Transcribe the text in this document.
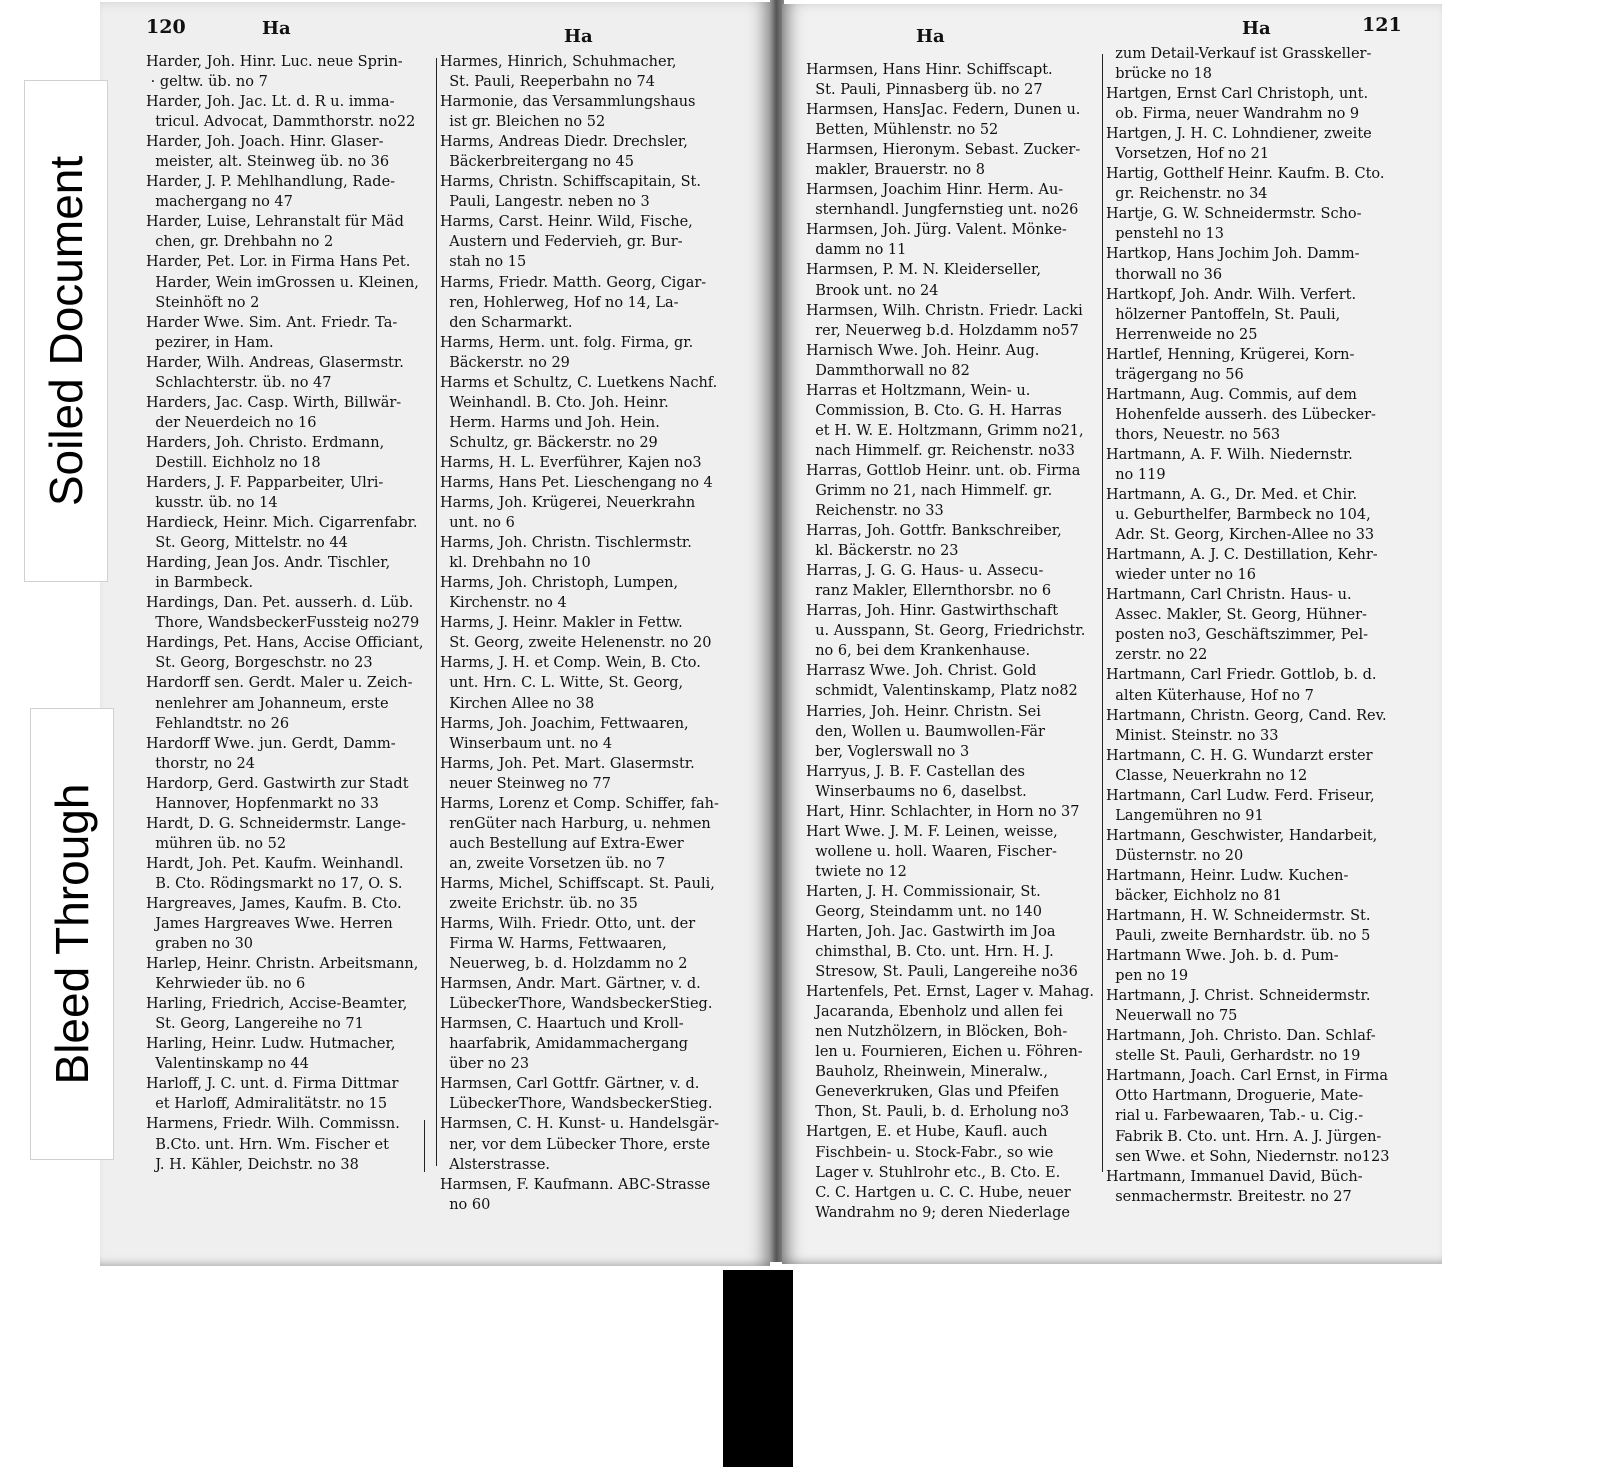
Soiled Document
Bleed Through
120	Ha	Ha	Ha	Ha	121
Harder, Joh. Hinr. Luc. neue Sprin-
· geltw. üb. no 7
Harder, Joh. Jac. Lt. d. R u. imma-
tricul. Advocat, Dammthorstr. no22
Harder, Joh. Joach. Hinr. Glaser-
meister, alt. Steinweg üb. no 36
Harder, J. P. Mehlhandlung, Rade-
machergang no 47
Harder, Luise, Lehranstalt für Mäd
chen, gr. Drehbahn no 2
Harder, Pet. Lor. in Firma Hans Pet.
Harder, Wein imGrossen u. Kleinen,
Steinhöft no 2
Harder Wwe. Sim. Ant. Friedr. Ta-
pezirer, in Ham.
Harder, Wilh. Andreas, Glasermstr.
Schlachterstr. üb. no 47
Harders, Jac. Casp. Wirth, Billwär-
der Neuerdeich no 16
Harders, Joh. Christo. Erdmann,
Destill. Eichholz no 18
Harders, J. F. Papparbeiter, Ulri-
kusstr. üb. no 14
Hardieck, Heinr. Mich. Cigarrenfabr.
St. Georg, Mittelstr. no 44
Harding, Jean Jos. Andr. Tischler,
in Barmbeck.
Hardings, Dan. Pet. ausserh. d. Lüb.
Thore, WandsbeckerFussteig no279
Hardings, Pet. Hans, Accise Officiant,
St. Georg, Borgeschstr. no 23
Hardorff sen. Gerdt. Maler u. Zeich-
nenlehrer am Johanneum, erste
Fehlandtstr. no 26
Hardorff Wwe. jun. Gerdt, Damm-
thorstr, no 24
Hardorp, Gerd. Gastwirth zur Stadt
Hannover, Hopfenmarkt no 33
Hardt, D. G. Schneidermstr. Lange-
mühren üb. no 52
Hardt, Joh. Pet. Kaufm. Weinhandl.
B. Cto. Rödingsmarkt no 17, O. S.
Hargreaves, James, Kaufm. B. Cto.
James Hargreaves Wwe. Herren
graben no 30
Harlep, Heinr. Christn. Arbeitsmann,
Kehrwieder üb. no 6
Harling, Friedrich, Accise-Beamter,
St. Georg, Langereihe no 71
Harling, Heinr. Ludw. Hutmacher,
Valentinskamp no 44
Harloff, J. C. unt. d. Firma Dittmar
et Harloff, Admiralitätstr. no 15
Harmens, Friedr. Wilh. Commissn.
B.Cto. unt. Hrn. Wm. Fischer et
J. H. Kähler, Deichstr. no 38
Harmes, Hinrich, Schuhmacher,
St. Pauli, Reeperbahn no 74
Harmonie, das Versammlungshaus
ist gr. Bleichen no 52
Harms, Andreas Diedr. Drechsler,
Bäckerbreitergang no 45
Harms, Christn. Schiffscapitain, St.
Pauli, Langestr. neben no 3
Harms, Carst. Heinr. Wild, Fische,
Austern und Federvieh, gr. Bur-
stah no 15
Harms, Friedr. Matth. Georg, Cigar-
ren, Hohlerweg, Hof no 14, La-
den Scharmarkt.
Harms, Herm. unt. folg. Firma, gr.
Bäckerstr. no 29
Harms et Schultz, C. Luetkens Nachf.
Weinhandl. B. Cto. Joh. Heinr.
Herm. Harms und Joh. Hein.
Schultz, gr. Bäckerstr. no 29
Harms, H. L. Everführer, Kajen no3
Harms, Hans Pet. Lieschengang no 4
Harms, Joh. Krügerei, Neuerkrahn
unt. no 6
Harms, Joh. Christn. Tischlermstr.
kl. Drehbahn no 10
Harms, Joh. Christoph, Lumpen,
Kirchenstr. no 4
Harms, J. Heinr. Makler in Fettw.
St. Georg, zweite Helenenstr. no 20
Harms, J. H. et Comp. Wein, B. Cto.
unt. Hrn. C. L. Witte, St. Georg,
Kirchen Allee no 38
Harms, Joh. Joachim, Fettwaaren,
Winserbaum unt. no 4
Harms, Joh. Pet. Mart. Glasermstr.
neuer Steinweg no 77
Harms, Lorenz et Comp. Schiffer, fah-
renGüter nach Harburg, u. nehmen
auch Bestellung auf Extra-Ewer
an, zweite Vorsetzen üb. no 7
Harms, Michel, Schiffscapt. St. Pauli,
zweite Erichstr. üb. no 35
Harms, Wilh. Friedr. Otto, unt. der
Firma W. Harms, Fettwaaren,
Neuerweg, b. d. Holzdamm no 2
Harmsen, Andr. Mart. Gärtner, v. d.
LübeckerThore, WandsbeckerStieg.
Harmsen, C. Haartuch und Kroll-
haarfabrik, Amidammachergang
über no 23
Harmsen, Carl Gottfr. Gärtner, v. d.
LübeckerThore, WandsbeckerStieg.
Harmsen, C. H. Kunst- u. Handelsgär-
ner, vor dem Lübecker Thore, erste
Alsterstrasse.
Harmsen, F. Kaufmann. ABC-Strasse
no 60
Harmsen, Hans Hinr. Schiffscapt.
St. Pauli, Pinnasberg üb. no 27
Harmsen, HansJac. Federn, Dunen u.
Betten, Mühlenstr. no 52
Harmsen, Hieronym. Sebast. Zucker-
makler, Brauerstr. no 8
Harmsen, Joachim Hinr. Herm. Au-
sternhandl. Jungfernstieg unt. no26
Harmsen, Joh. Jürg. Valent. Mönke-
damm no 11
Harmsen, P. M. N. Kleiderseller,
Brook unt. no 24
Harmsen, Wilh. Christn. Friedr. Lacki
rer, Neuerweg b.d. Holzdamm no57
Harnisch Wwe. Joh. Heinr. Aug.
Dammthorwall no 82
Harras et Holtzmann, Wein- u.
Commission, B. Cto. G. H. Harras
et H. W. E. Holtzmann, Grimm no21,
nach Himmelf. gr. Reichenstr. no33
Harras, Gottlob Heinr. unt. ob. Firma
Grimm no 21, nach Himmelf. gr.
Reichenstr. no 33
Harras, Joh. Gottfr. Bankschreiber,
kl. Bäckerstr. no 23
Harras, J. G. G. Haus- u. Assecu-
ranz Makler, Ellernthorsbr. no 6
Harras, Joh. Hinr. Gastwirthschaft
u. Ausspann, St. Georg, Friedrichstr.
no 6, bei dem Krankenhause.
Harrasz Wwe. Joh. Christ. Gold
schmidt, Valentinskamp, Platz no82
Harries, Joh. Heinr. Christn. Sei
den, Wollen u. Baumwollen-Fär
ber, Voglerswall no 3
Harryus, J. B. F. Castellan des
Winserbaums no 6, daselbst.
Hart, Hinr. Schlachter, in Horn no 37
Hart Wwe. J. M. F. Leinen, weisse,
wollene u. holl. Waaren, Fischer-
twiete no 12
Harten, J. H. Commissionair, St.
Georg, Steindamm unt. no 140
Harten, Joh. Jac. Gastwirth im Joa
chimsthal, B. Cto. unt. Hrn. H. J.
Stresow, St. Pauli, Langereihe no36
Hartenfels, Pet. Ernst, Lager v. Mahag.
Jacaranda, Ebenholz und allen fei
nen Nutzhölzern, in Blöcken, Boh-
len u. Fournieren, Eichen u. Föhren-
Bauholz, Rheinwein, Mineralw.,
Geneverkruken, Glas und Pfeifen
Thon, St. Pauli, b. d. Erholung no3
Hartgen, E. et Hube, Kaufl. auch
Fischbein- u. Stock-Fabr., so wie
Lager v. Stuhlrohr etc., B. Cto. E.
C. C. Hartgen u. C. C. Hube, neuer
Wandrahm no 9; deren Niederlage
zum Detail-Verkauf ist Grasskeller-
brücke no 18
Hartgen, Ernst Carl Christoph, unt.
ob. Firma, neuer Wandrahm no 9
Hartgen, J. H. C. Lohndiener, zweite
Vorsetzen, Hof no 21
Hartig, Gotthelf Heinr. Kaufm. B. Cto.
gr. Reichenstr. no 34
Hartje, G. W. Schneidermstr. Scho-
penstehl no 13
Hartkop, Hans Jochim Joh. Damm-
thorwall no 36
Hartkopf, Joh. Andr. Wilh. Verfert.
hölzerner Pantoffeln, St. Pauli,
Herrenweide no 25
Hartlef, Henning, Krügerei, Korn-
trägergang no 56
Hartmann, Aug. Commis, auf dem
Hohenfelde ausserh. des Lübecker-
thors, Neuestr. no 563
Hartmann, A. F. Wilh. Niedernstr.
no 119
Hartmann, A. G., Dr. Med. et Chir.
u. Geburthelfer, Barmbeck no 104,
Adr. St. Georg, Kirchen-Allee no 33
Hartmann, A. J. C. Destillation, Kehr-
wieder unter no 16
Hartmann, Carl Christn. Haus- u.
Assec. Makler, St. Georg, Hühner-
posten no3, Geschäftszimmer, Pel-
zerstr. no 22
Hartmann, Carl Friedr. Gottlob, b. d.
alten Küterhause, Hof no 7
Hartmann, Christn. Georg, Cand. Rev.
Minist. Steinstr. no 33
Hartmann, C. H. G. Wundarzt erster
Classe, Neuerkrahn no 12
Hartmann, Carl Ludw. Ferd. Friseur,
Langemühren no 91
Hartmann, Geschwister, Handarbeit,
Düsternstr. no 20
Hartmann, Heinr. Ludw. Kuchen-
bäcker, Eichholz no 81
Hartmann, H. W. Schneidermstr. St.
Pauli, zweite Bernhardstr. üb. no 5
Hartmann Wwe. Joh. b. d. Pum-
pen no 19
Hartmann, J. Christ. Schneidermstr.
Neuerwall no 75
Hartmann, Joh. Christo. Dan. Schlaf-
stelle St. Pauli, Gerhardstr. no 19
Hartmann, Joach. Carl Ernst, in Firma
Otto Hartmann, Droguerie, Mate-
rial u. Farbewaaren, Tab.- u. Cig.-
Fabrik B. Cto. unt. Hrn. A. J. Jürgen-
sen Wwe. et Sohn, Niedernstr. no123
Hartmann, Immanuel David, Büch-
senmachermstr. Breitestr. no 27
